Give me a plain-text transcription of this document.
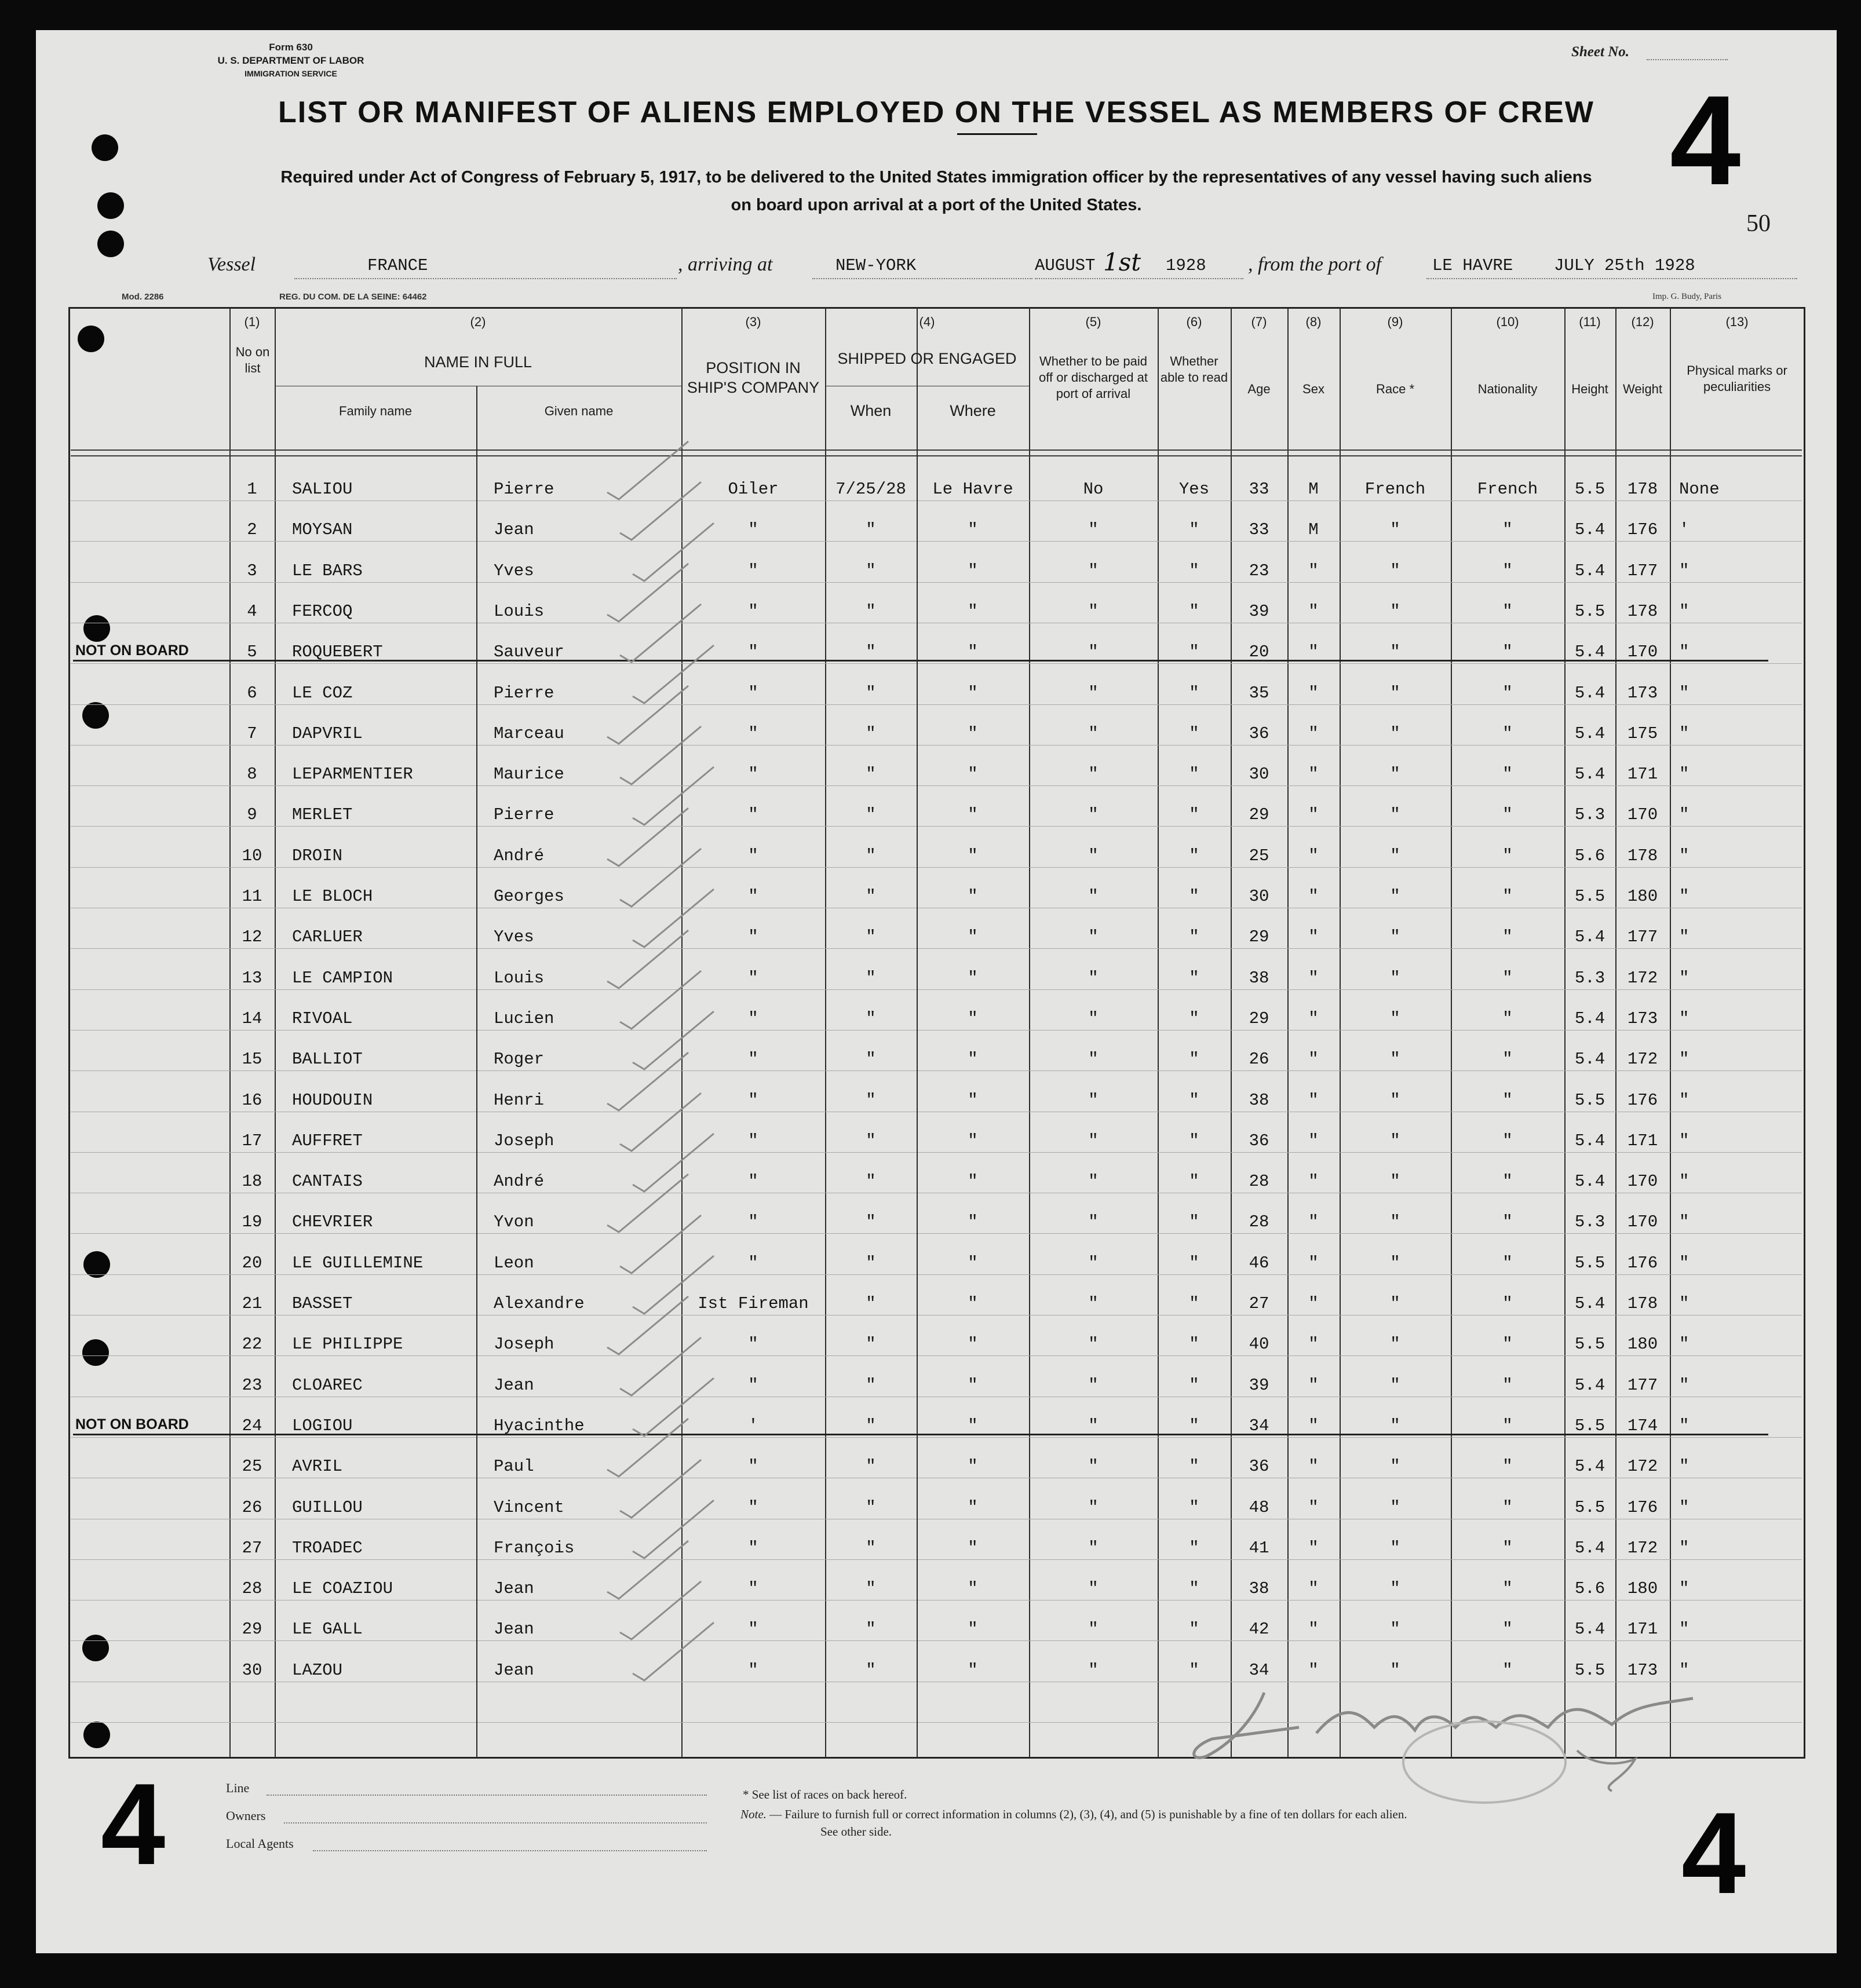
Form 630
U. S. DEPARTMENT OF LABOR
IMMIGRATION SERVICE
Sheet No.
LIST OR MANIFEST OF ALIENS EMPLOYED ON THE VESSEL AS MEMBERS OF CREW
Required under Act of Congress of February 5, 1917, to be delivered to the United States immigration officer by the representatives of any vessel having such aliens
on board upon arrival at a port of the United States.	4
50
Vessel	FRANCE	, arriving at	NEW-YORK	AUGUST 1st 1928 , from the port of	LE HAVRE JULY 25th 1928
Mod. 2286	REG. DU COM. DE LA SEINE: 64462	Imp. G. Budy, Paris
(1)	(2)	(3)	(4)	(5)	(6)	(7)	(8)	(9)	(10)	(11)	(12)	(13)
No on list	NAME IN FULL
Family name	Given name
POSITION IN SHIP'S COMPANY
SHIPPED OR ENGAGED
When	Where
Whether to be paid off or discharged at port of arrival
Whether able to read
Age	Sex	Race *	Nationality	Height	Weight
Physical marks or peculiarities
1	SALIOU	Pierre	Oiler	7/25/28	Le Havre	No	Yes	33	M	French	French	5.5	178	None
2	MOYSAN	Jean	"	"	"	"	"	33	M	"	"	5.4	176	'
3	LE BARS	Yves	"	"	"	"	"	23	"	"	"	5.4	177	"
4	FERCOQ	Louis	"	"	"	"	"	39	"	"	"	5.5	178	"
5	ROQUEBERT	Sauveur	"	"	"	"	"	20	"	"	"	5.4	170	"
NOT ON BOARD
6	LE COZ	Pierre	"	"	"	"	"	35	"	"	"	5.4	173	"
7	DAPVRIL	Marceau	"	"	"	"	"	36	"	"	"	5.4	175	"
8	LEPARMENTIER	Maurice	"	"	"	"	"	30	"	"	"	5.4	171	"
9	MERLET	Pierre	"	"	"	"	"	29	"	"	"	5.3	170	"
10	DROIN	André	"	"	"	"	"	25	"	"	"	5.6	178	"
11	LE BLOCH	Georges	"	"	"	"	"	30	"	"	"	5.5	180	"
12	CARLUER	Yves	"	"	"	"	"	29	"	"	"	5.4	177	"
13	LE CAMPION	Louis	"	"	"	"	"	38	"	"	"	5.3	172	"
14	RIVOAL	Lucien	"	"	"	"	"	29	"	"	"	5.4	173	"
15	BALLIOT	Roger	"	"	"	"	"	26	"	"	"	5.4	172	"
16	HOUDOUIN	Henri	"	"	"	"	"	38	"	"	"	5.5	176	"
17	AUFFRET	Joseph	"	"	"	"	"	36	"	"	"	5.4	171	"
18	CANTAIS	André	"	"	"	"	"	28	"	"	"	5.4	170	"
19	CHEVRIER	Yvon	"	"	"	"	"	28	"	"	"	5.3	170	"
20	LE GUILLEMINE	Leon	"	"	"	"	"	46	"	"	"	5.5	176	"
21	BASSET	Alexandre	Ist Fireman	"	"	"	"	27	"	"	"	5.4	178	"
22	LE PHILIPPE	Joseph	"	"	"	"	"	40	"	"	"	5.5	180	"
23	CLOAREC	Jean	"	"	"	"	"	39	"	"	"	5.4	177	"
24	LOGIOU	Hyacinthe	'	"	"	"	"	34	"	"	"	5.5	174	"
NOT ON BOARD
25	AVRIL	Paul	"	"	"	"	"	36	"	"	"	5.4	172	"
26	GUILLOU	Vincent	"	"	"	"	"	48	"	"	"	5.5	176	"
27	TROADEC	François	"	"	"	"	"	41	"	"	"	5.4	172	"
28	LE COAZIOU	Jean	"	"	"	"	"	38	"	"	"	5.6	180	"
29	LE GALL	Jean	"	"	"	"	"	42	"	"	"	5.4	171	"
30	LAZOU	Jean	"	"	"	"	"	34	"	"	"	5.5	173	"
Line
Owners
Local Agents
* See list of races on back hereof.
Note. — Failure to furnish full or correct information in columns (2), (3), (4), and (5) is punishable by a fine of ten dollars for each alien.
See other side.
4	4
